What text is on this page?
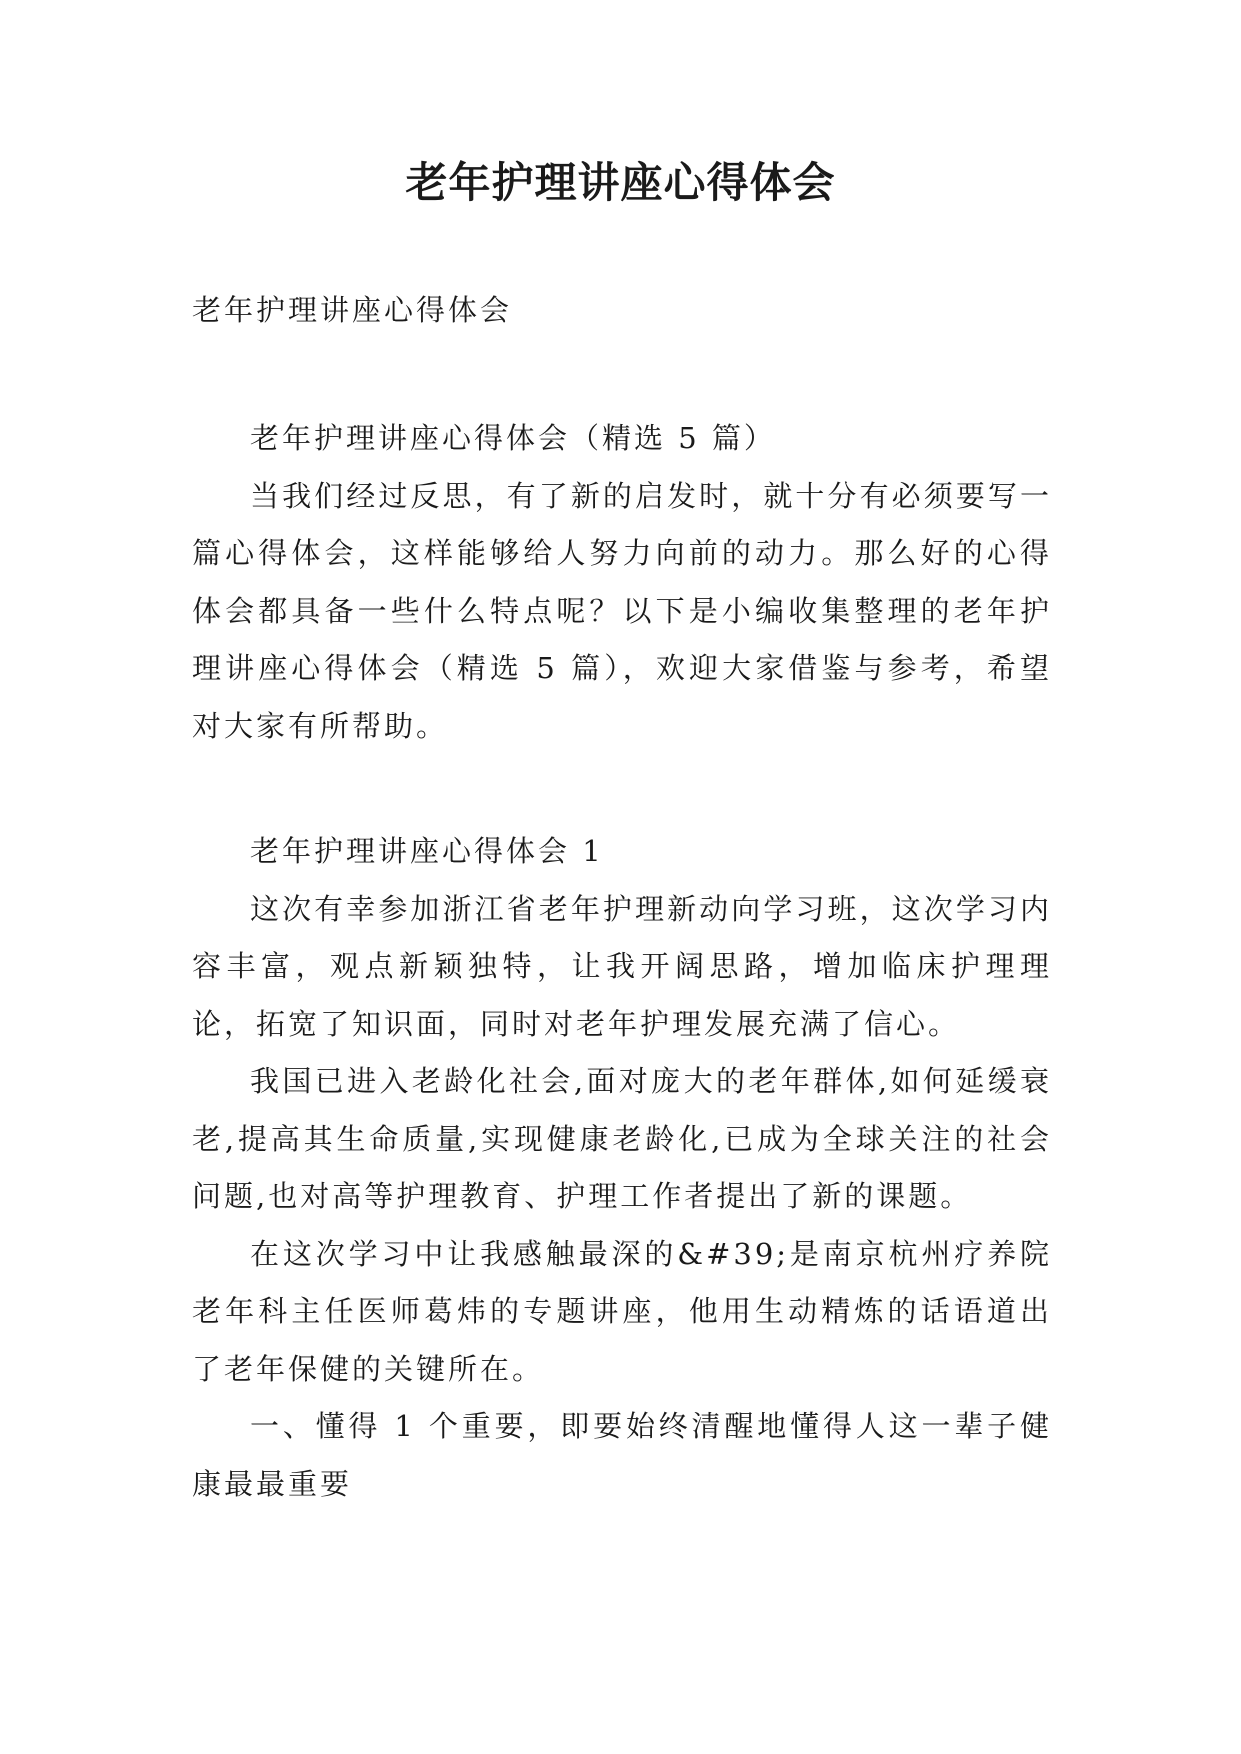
老年护理讲座心得体会

老年护理讲座心得体会

老年护理讲座心得体会（精选 5 篇）

当我们经过反思，有了新的启发时，就十分有必须要写一篇心得体会，这样能够给人努力向前的动力。那么好的心得体会都具备一些什么特点呢？以下是小编收集整理的老年护理讲座心得体会（精选 5 篇），欢迎大家借鉴与参考，希望对大家有所帮助。

老年护理讲座心得体会 1

这次有幸参加浙江省老年护理新动向学习班，这次学习内容丰富，观点新颖独特，让我开阔思路，增加临床护理理论，拓宽了知识面，同时对老年护理发展充满了信心。

我国已进入老龄化社会,面对庞大的老年群体,如何延缓衰老,提高其生命质量,实现健康老龄化,已成为全球关注的社会问题,也对高等护理教育、护理工作者提出了新的课题。

在这次学习中让我感触最深的&#39;是南京杭州疗养院老年科主任医师葛炜的专题讲座，他用生动精炼的话语道出了老年保健的关键所在。

一、懂得 1 个重要，即要始终清醒地懂得人这一辈子健康最最重要
